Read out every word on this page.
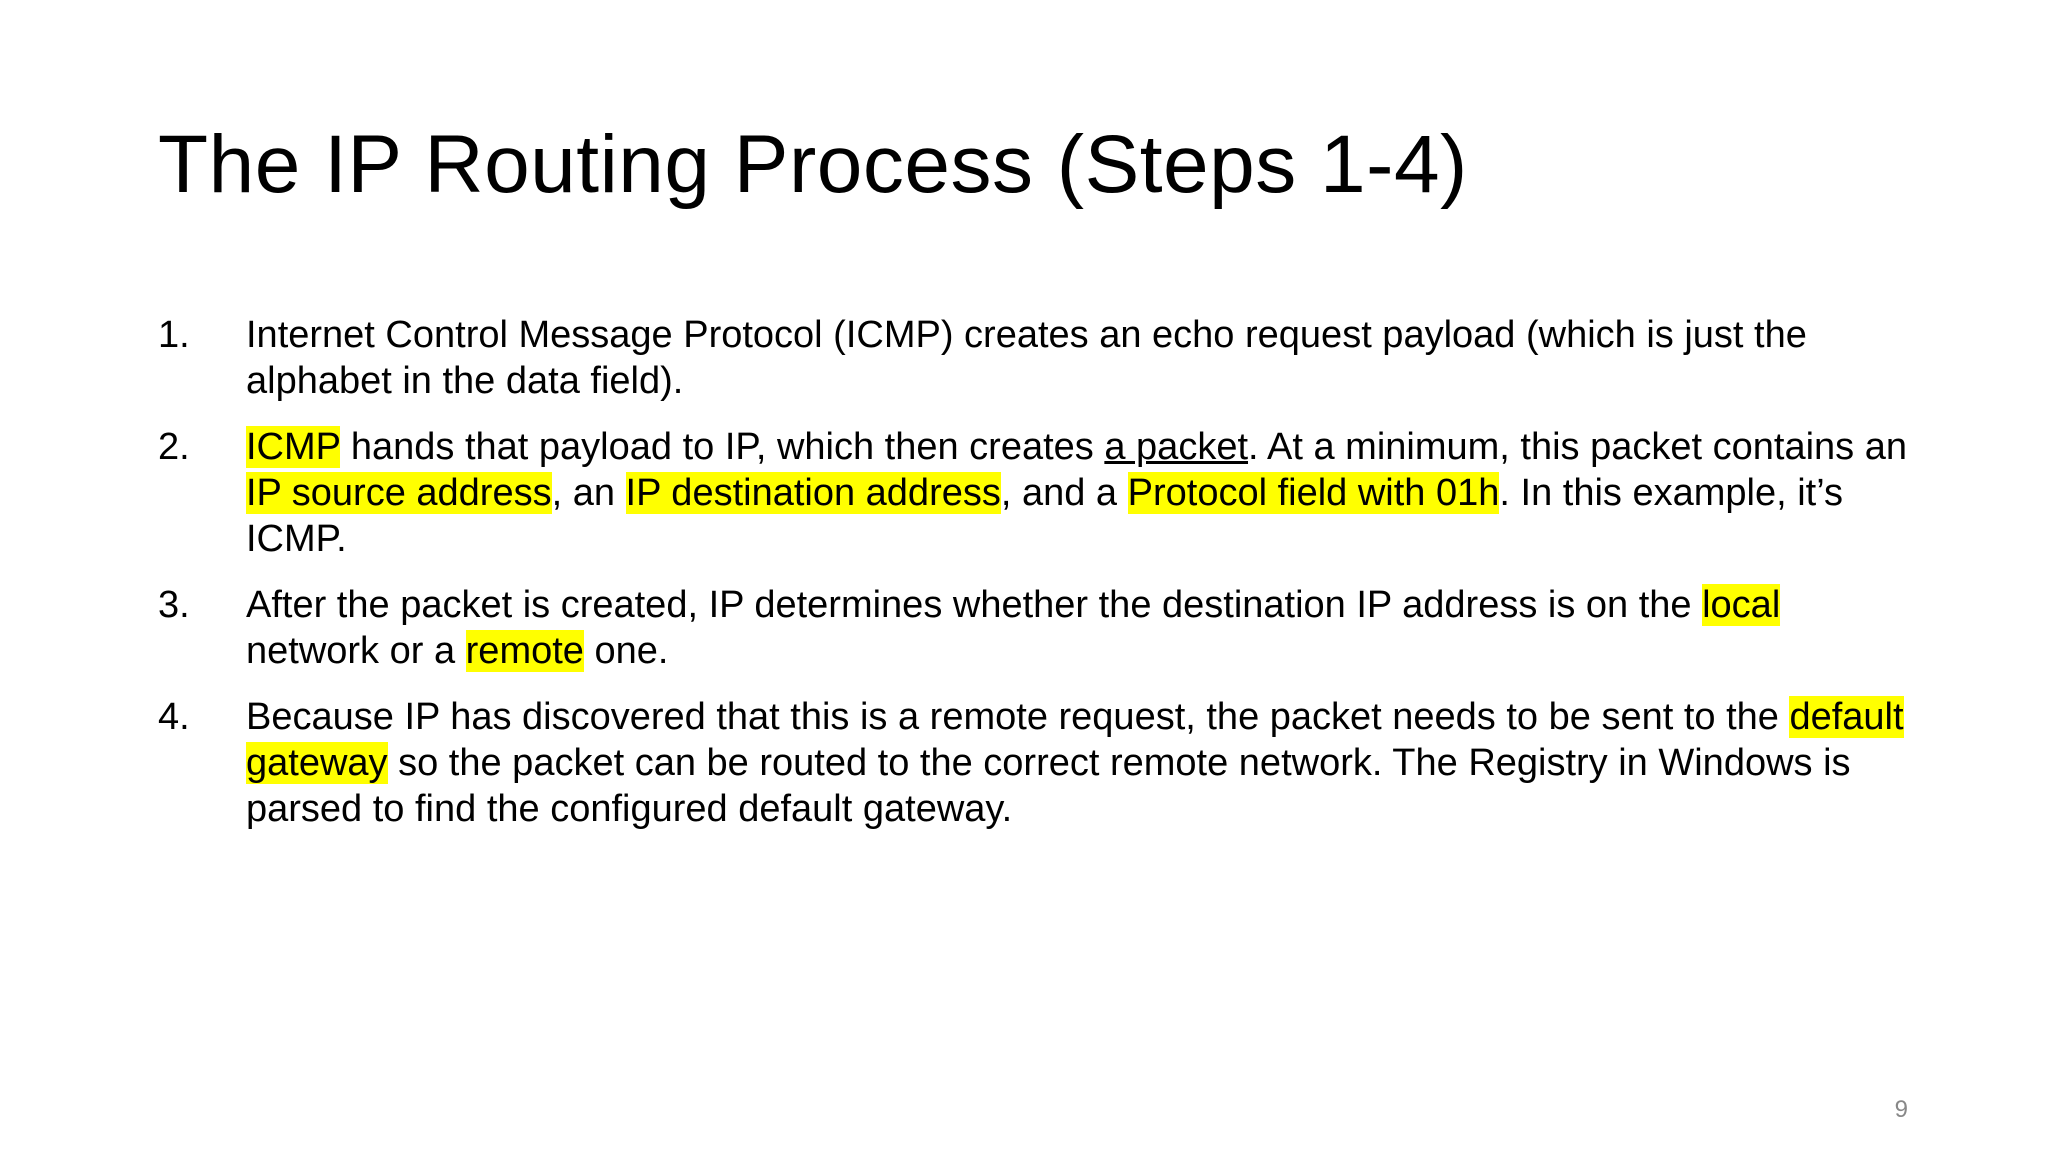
The IP Routing Process (Steps 1-4)
1.	Internet Control Message Protocol (ICMP) creates an echo request payload (which is just the alphabet in the data field).
2.	ICMP hands that payload to IP, which then creates a packet. At a minimum, this packet contains an IP source address, an IP destination address, and a Protocol field with 01h. In this example, it’s ICMP.
3.	After the packet is created, IP determines whether the destination IP address is on the local network or a remote one.
4.	Because IP has discovered that this is a remote request, the packet needs to be sent to the default gateway so the packet can be routed to the correct remote network. The Registry in Windows is parsed to find the configured default gateway.
9
